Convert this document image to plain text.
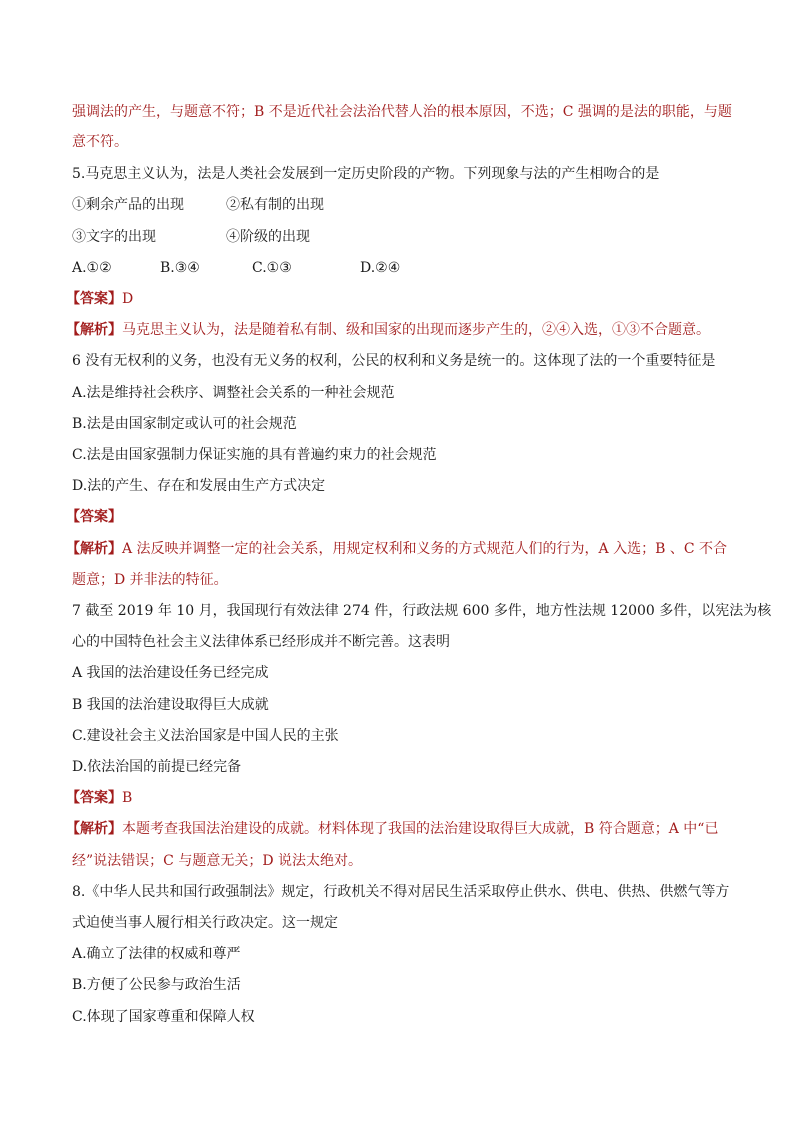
强调法的产生，与题意不符；B 不是近代社会法治代替人治的根本原因，不选；C 强调的是法的职能，与题
意不符。
5.马克思主义认为，法是人类社会发展到一定历史阶段的产物。下列现象与法的产生相吻合的是
①剩余产品的出现	②私有制的出现
③文字的出现	④阶级的出现
A.①②	B.③④	C.①③	D.②④
【答案】D
【解析】马克思主义认为，法是随着私有制、级和国家的出现而逐步产生的，②④入选，①③不合题意。
6 没有无权利的义务，也没有无义务的权利，公民的权利和义务是统一的。这体现了法的一个重要特征是
A.法是维持社会秩序、调整社会关系的一种社会规范
B.法是由国家制定或认可的社会规范
C.法是由国家强制力保证实施的具有普遍约束力的社会规范
D.法的产生、存在和发展由生产方式决定
【答案】
【解析】A 法反映并调整一定的社会关系，用规定权利和义务的方式规范人们的行为，A 入选；B 、C 不合
题意；D 并非法的特征。
7 截至 2019 年 10 月，我国现行有效法律 274 件，行政法规 600 多件，地方性法规 12000 多件，以宪法为核
心的中国特色社会主义法律体系已经形成并不断完善。这表明
A 我国的法治建设任务已经完成
B 我国的法治建设取得巨大成就
C.建设社会主义法治国家是中国人民的主张
D.依法治国的前提已经完备
【答案】B
【解析】本题考查我国法治建设的成就。材料体现了我国的法治建设取得巨大成就，B 符合题意；A 中“已
经”说法错误；C 与题意无关；D 说法太绝对。
8.《中华人民共和国行政强制法》规定，行政机关不得对居民生活采取停止供水、供电、供热、供燃气等方
式迫使当事人履行相关行政决定。这一规定
A.确立了法律的权威和尊严
B.方便了公民参与政治生活
C.体现了国家尊重和保障人权
